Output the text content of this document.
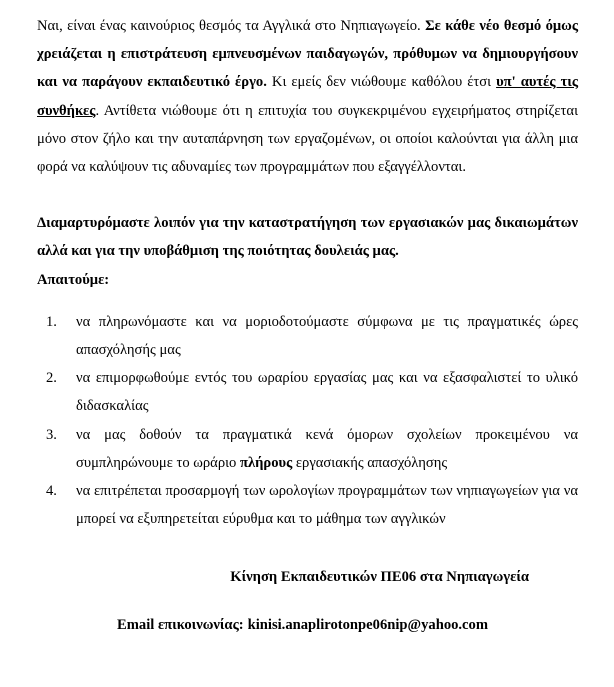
Ναι, είναι ένας καινούριος θεσμός τα Αγγλικά στο Νηπιαγωγείο. Σε κάθε νέο θεσμό όμως χρειάζεται η επιστράτευση εμπνευσμένων παιδαγωγών, πρόθυμων να δημιουργήσουν και να παράγουν εκπαιδευτικό έργο. Κι εμείς δεν νιώθουμε καθόλου έτσι υπ' αυτές τις συνθήκες. Αντίθετα νιώθουμε ότι η επιτυχία του συγκεκριμένου εγχειρήματος στηρίζεται μόνο στον ζήλο και την αυταπάρνηση των εργαζομένων, οι οποίοι καλούνται για άλλη μια φορά να καλύψουν τις αδυναμίες των προγραμμάτων που εξαγγέλλονται.

Διαμαρτυρόμαστε λοιπόν για την καταστρατήγηση των εργασιακών μας δικαιωμάτων αλλά και για την υποβάθμιση της ποιότητας δουλειάς μας.

Απαιτούμε:

να πληρωνόμαστε και να μοριοδοτούμαστε σύμφωνα με τις πραγματικές ώρες απασχόλησής μας
να επιμορφωθούμε εντός του ωραρίου εργασίας μας και να εξασφαλιστεί το υλικό διδασκαλίας
να μας δοθούν τα πραγματικά κενά όμορων σχολείων προκειμένου να συμπληρώνουμε το ωράριο πλήρους εργασιακής απασχόλησης
να επιτρέπεται προσαρμογή των ωρολογίων προγραμμάτων των νηπιαγωγείων για να μπορεί να εξυπηρετείται εύρυθμα και το μάθημα των αγγλικών
Κίνηση Εκπαιδευτικών ΠΕ06 στα Νηπιαγωγεία
Email επικοινωνίας: kinisi.anaplirotonpe06nip@yahoo.com
